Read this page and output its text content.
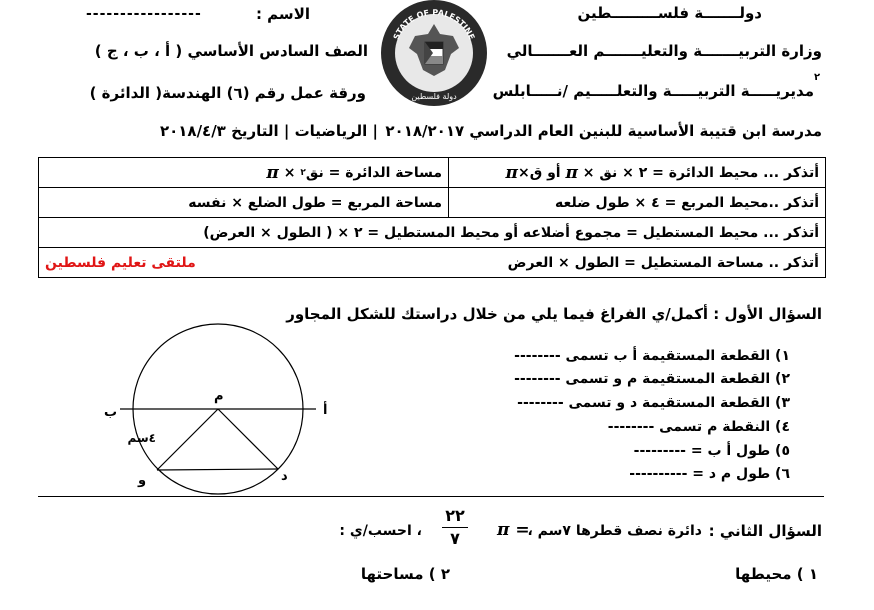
دولـــــــة فلســـــــــطين
وزارة التربيـــــــة والتعليـــــــم العـــــــالي
٢
مديريـــــة التربيـــــة والتعلـــــيم /نـــــابلس
الاسم :
-----------------
الصف السادس الأساسي ( أ ، ب ، ج )
ورقة عمل رقم (٦) الهندسة( الدائرة )
STATE OF PALESTINE
دولة فلسطين
مدرسة ابن قتيبة الأساسية للبنين العام الدراسي ٢٠١٨/٢٠١٧
| الرياضيات | التاريخ ٢٠١٨/٤/٣
أتذكر ... محيط الدائرة = ٢ × نق ×

π

أو ق×
π
مساحة الدائرة = نق
٢

×

π
أتذكر ..محيط المربع = ٤ × طول ضلعه
مساحة المربع = طول الضلع × نفسه
أتذكر ... محيط المستطيل = مجموع أضلاعه أو محيط المستطيل = ٢ × ( الطول × العرض)
أتذكر .. مساحة المستطيل = الطول × العرض
ملتقى تعليم فلسطين
السؤال الأول : أكمل/ي الفراغ فيما يلي من خلال دراستك للشكل المجاور
١) القطعة المستقيمة أ ب تسمى --------
٢) القطعة المستقيمة م و تسمى --------
٣) القطعة المستقيمة د و تسمى --------
٤) النقطة م تسمى --------
٥) طول أ ب = ---------
٦) طول م د = ----------
أ
ب
م
و	د
٤سم
السؤال الثاني :
دائرة نصف قطرها ٧سم ،
π =
٢٢
٧
، احسب/ي :
١ ) محيطها
٢ ) مساحتها
